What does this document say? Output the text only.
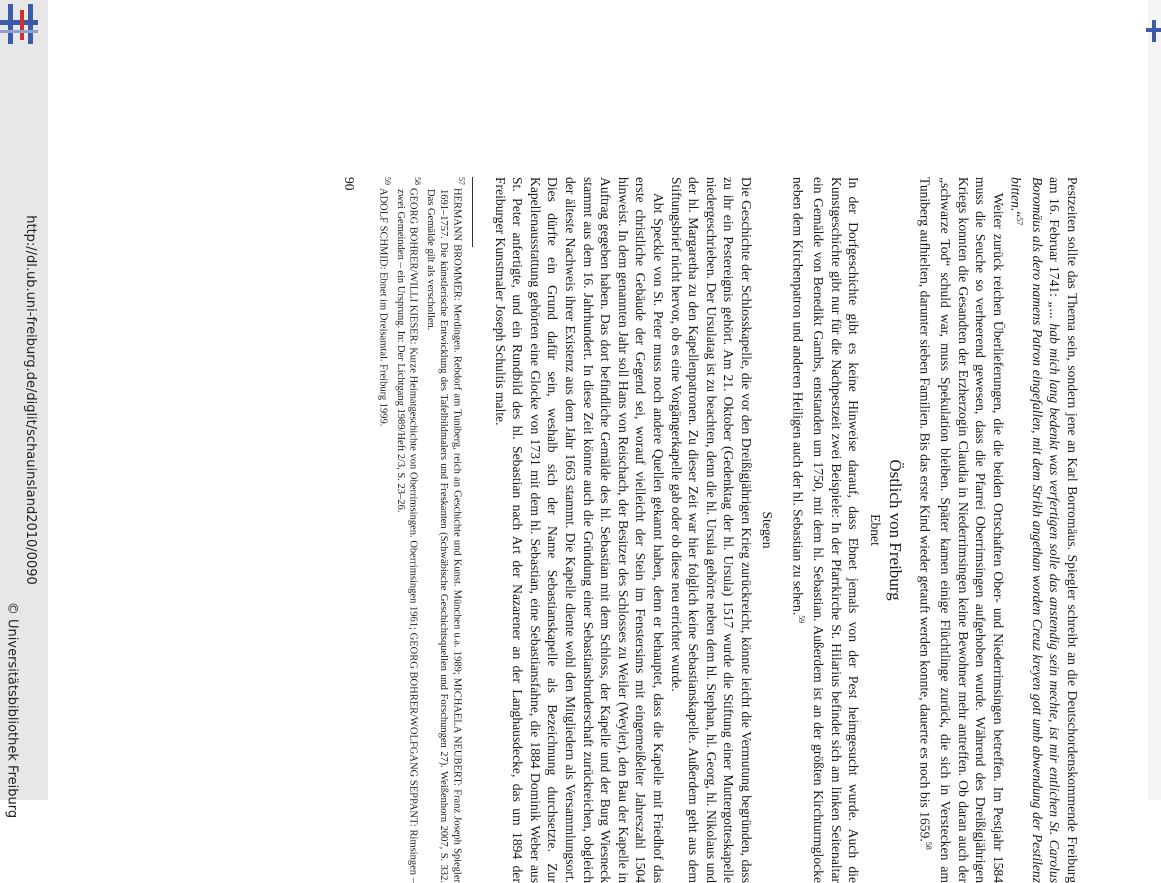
http://dl.ub.uni-freiburg.de/diglit/schauinsland2010/0090
© Universitätsbibliothek Freiburg	Pestzeiten sollte das Thema sein, sondern jene an Karl Borromäus. Spiegler schreibt an die Deutschordenskommende Freiburg am 16. Februar 1741: „... hab mich lang bedenkt was verfertigen solle das anstendig sein mechte, ist mir entlichen St. Carolus Boromäus als dero namens Patron eingefallen, mit dem Strikh angethan worden Creuz kreyen gott umb abwendung der Pestilenz bitten.“$^{57}$

Weiter zurück reichen Überlieferungen, die die beiden Ortschaften Ober- und Niederrimsingen betreffen. Im Pestjahr 1584 muss die Seuche so verheerend gewesen, dass die Pfarrei Oberrimsingen aufgehoben wurde. Während des Dreißigjährigen Kriegs konnten die Gesandten der Erzherzogin Claudia in Niederrimsingen keine Bewohner mehr antreffen. Ob daran auch der „schwarze Tod“ schuld war, muss Spekulation bleiben. Später kamen einige Flüchtlinge zurück, die sich in Verstecken am Tuniberg aufhielten, darunter sieben Familien. Bis das erste Kind wieder getauft werden konnte, dauerte es noch bis 1659.58

Östlich von Freiburg
Ebnet

In der Dorfgeschichte gibt es keine Hinweise darauf, dass Ebnet jemals von der Pest heimgesucht wurde. Auch die Kunstgeschichte gibt nur für die Nachpestzeit zwei Beispiele: In der Pfarrkirche St. Hilarius befindet sich am linken Seitenaltar ein Gemälde von Benedikt Gambs, entstanden um 1750, mit dem hl. Sebastian. Außerdem ist an der größten Kirchturmglocke neben dem Kirchenpatron und anderen Heiligen auch der hl. Sebastian zu sehen.$^{59}$

Stegen

Die Geschichte der Schlosskapelle, die vor den Dreißigjährigen Krieg zurückreicht, könnte leicht die Vermutung begründen, dass zu ihr ein Pestereignis gehört. Am 21. Oktober (Gedenktag der hl. Ursula) 1517 wurde die Stiftung einer Muttergotteskapelle niedergeschrieben. Der Ursulatag ist zu beachten, denn die hl. Ursula gehörte neben dem hl. Stephan, hl. Georg, hl. Nikolaus und der hl. Margaretha zu den Kapellenpatronen. Zu dieser Zeit war hier folglich keine Sebastianskapelle. Außerdem geht aus dem Stiftungsbrief nicht hervor, ob es eine Vorgängerkapelle gab oder ob diese neu errichtet wurde.

Abt Speckle von St. Peter muss noch andere Quellen gekannt haben, denn er behauptet, dass die Kapelle mit Friedhof das erste christliche Gebäude der Gegend sei, worauf vielleicht der Stein im Fenstersims mit eingemeißelter Jahreszahl 1504 hinweist. In dem genannten Jahr soll Hans von Reischach, der Besitzer des Schlosses zu Weiler (Weyler), den Bau der Kapelle in Auftrag gegeben haben. Das dort befindliche Gemälde des hl. Sebastian mit dem Schloss, der Kapelle und der Burg Wiesneck stammt aus dem 16. Jahrhundert. In diese Zeit könnte auch die Gründung einer Sebastiansbruderschaft zurückreichen, obgleich der älteste Nachweis ihrer Existenz aus dem Jahr 1663 stammt. Die Kapelle diente wohl den Mitgliedern als Versammlungsort. Dies dürfte ein Grund dafür sein, weshalb sich der Name Sebastianskapelle als Bezeichnung durchsetzte. Zur Kapellenausstattung gehörten eine Glocke von 1731 mit dem hl. Sebastian, eine Sebastiansfahne, die 1884 Dominik Weber aus St. Peter anfertigte, und ein Rundbild des hl. Sebastian nach Art der Nazarener an der Langhausdecke, das um 1894 der Freiburger Kunstmaler Joseph Schultis malte.

$^{57}$HERMANN BROMMER: Merdingen. Rebdorf am Tuniberg, reich an Geschichte und Kunst. München u.a. 1989; MICHAELA NEUBERT: Franz Joseph Spiegler 1691–1757. Die künstlerische Entwicklung des Tafelbildmalers und Freskanten (Schwäbische Geschichtsquellen und Forschungen 27). Weißenhorn 2007, S. 332. Das Gemälde gilt als verschollen.

$^{58}$GEORG BOHRER/WILLI KIESER: Kurze Heimatgeschichte von Oberrimsingen. Oberrimsingen 1961; GEORG BOHRER/WOLFGANG SEPPANT: Rimsingen – zwei Gemeinden – ein Ursprung. In: Der Lichtgang 1989/Heft 2/3, S. 23–26.

$^{59}$ADOLF SCHMID: Ebnet im Dreisamtal. Freiburg 1999.

90
